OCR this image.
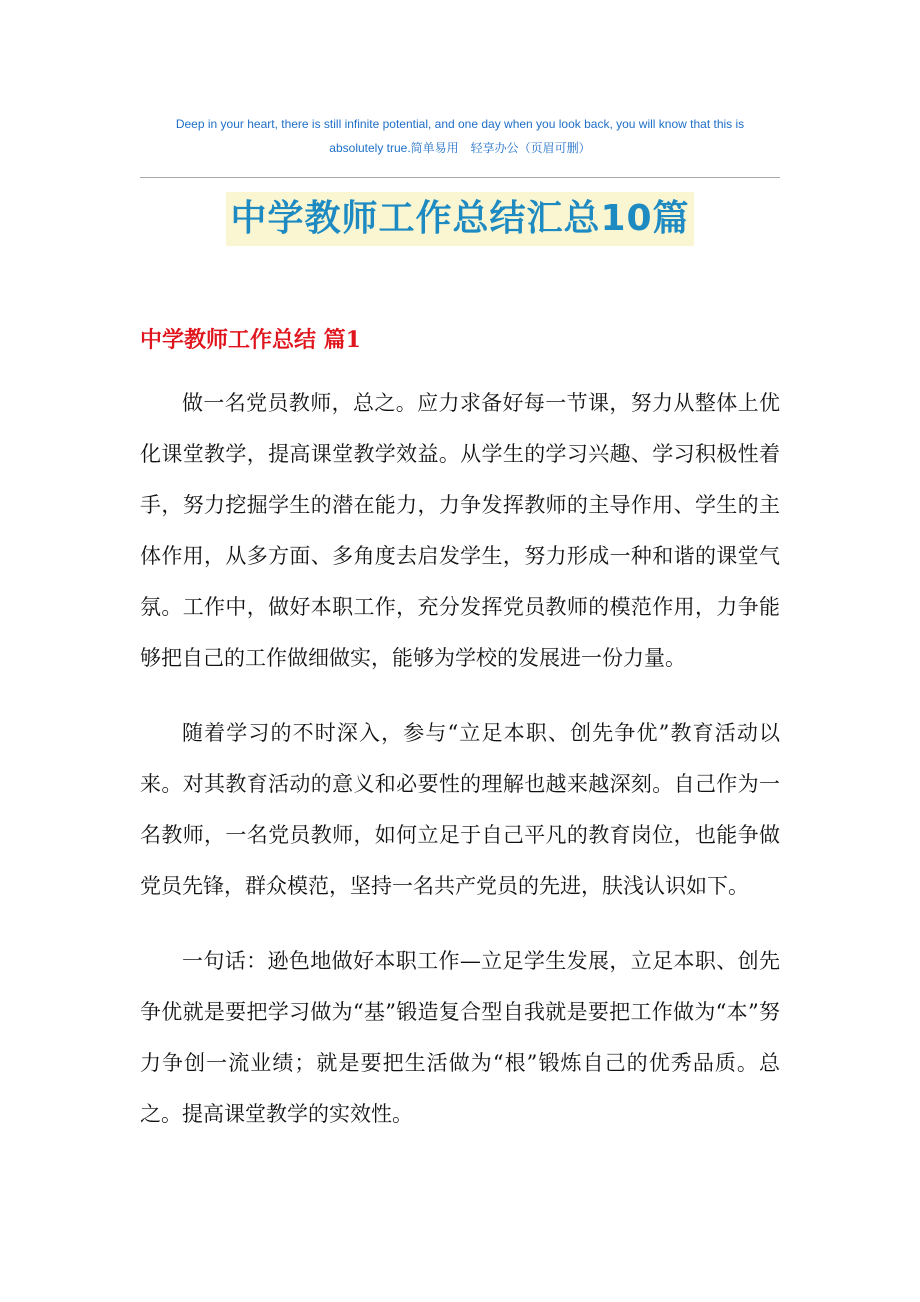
Deep in your heart, there is still infinite potential, and one day when you look back, you will know that this is
absolutely true.简单易用　轻享办公（页眉可删）
中学教师工作总结汇总10篇
中学教师工作总结 篇1

做一名党员教师，总之。应力求备好每一节课，努力从整体上优化课堂教学，提高课堂教学效益。从学生的学习兴趣、学习积极性着手，努力挖掘学生的潜在能力，力争发挥教师的主导作用、学生的主体作用，从多方面、多角度去启发学生，努力形成一种和谐的课堂气氛。工作中，做好本职工作，充分发挥党员教师的模范作用，力争能够把自己的工作做细做实，能够为学校的发展进一份力量。

随着学习的不时深入，参与“立足本职、创先争优”教育活动以来。对其教育活动的意义和必要性的理解也越来越深刻。自己作为一名教师，一名党员教师，如何立足于自己平凡的教育岗位，也能争做党员先锋，群众模范，坚持一名共产党员的先进，肤浅认识如下。

一句话：逊色地做好本职工作—立足学生发展，立足本职、创先争优就是要把学习做为“基”锻造复合型自我就是要把工作做为“本”努力争创一流业绩；就是要把生活做为“根”锻炼自己的优秀品质。总之。提高课堂教学的实效性。
